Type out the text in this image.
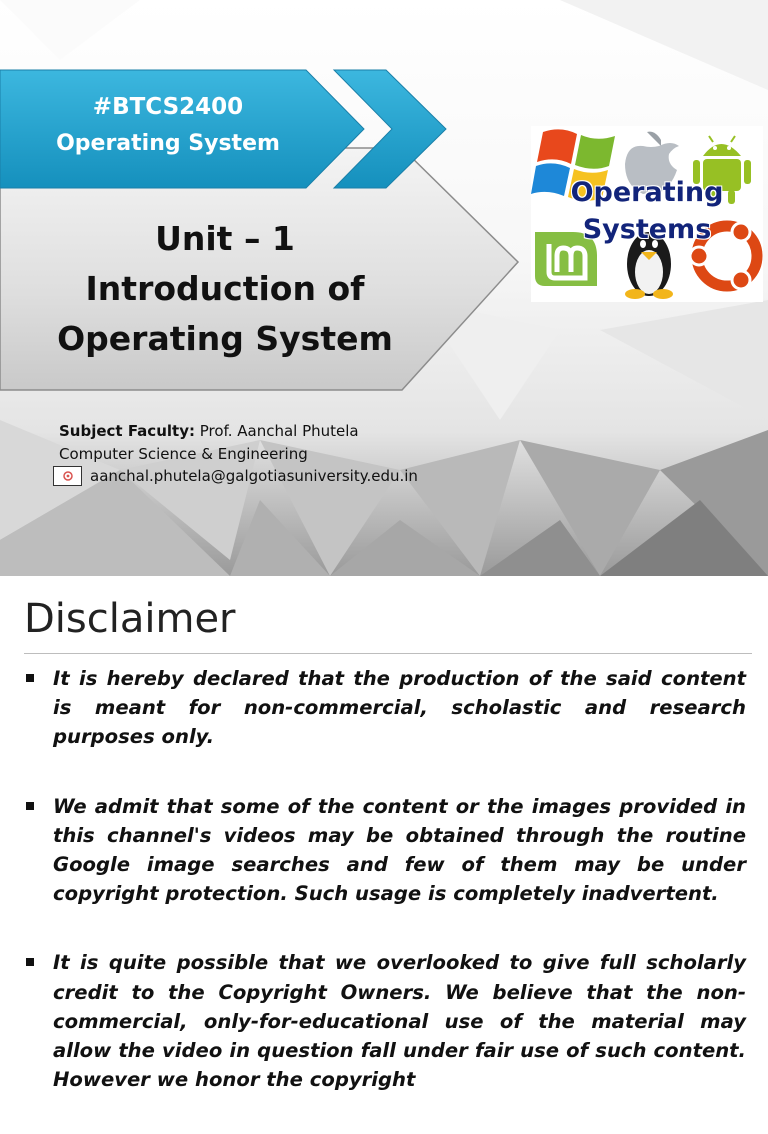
#BTCS2400
Operating System
Unit – 1
Introduction of
Operating System
Operating
Systems
Subject Faculty: Prof. Aanchal Phutela
Computer Science & Engineering
aanchal.phutela@galgotiasuniversity.edu.in
Disclaimer
It is hereby declared that the production of the said content is meant for non-commercial, scholastic and research purposes only.
We admit that some of the content or the images provided in this channel's videos may be obtained through the routine Google image searches and few of them may be under copyright protection. Such usage is completely inadvertent.
It is quite possible that we overlooked to give full scholarly credit to the Copyright Owners. We believe that the non-commercial, only-for-educational use of the material may allow the video in question fall under fair use of such content. However we honor the copyright
